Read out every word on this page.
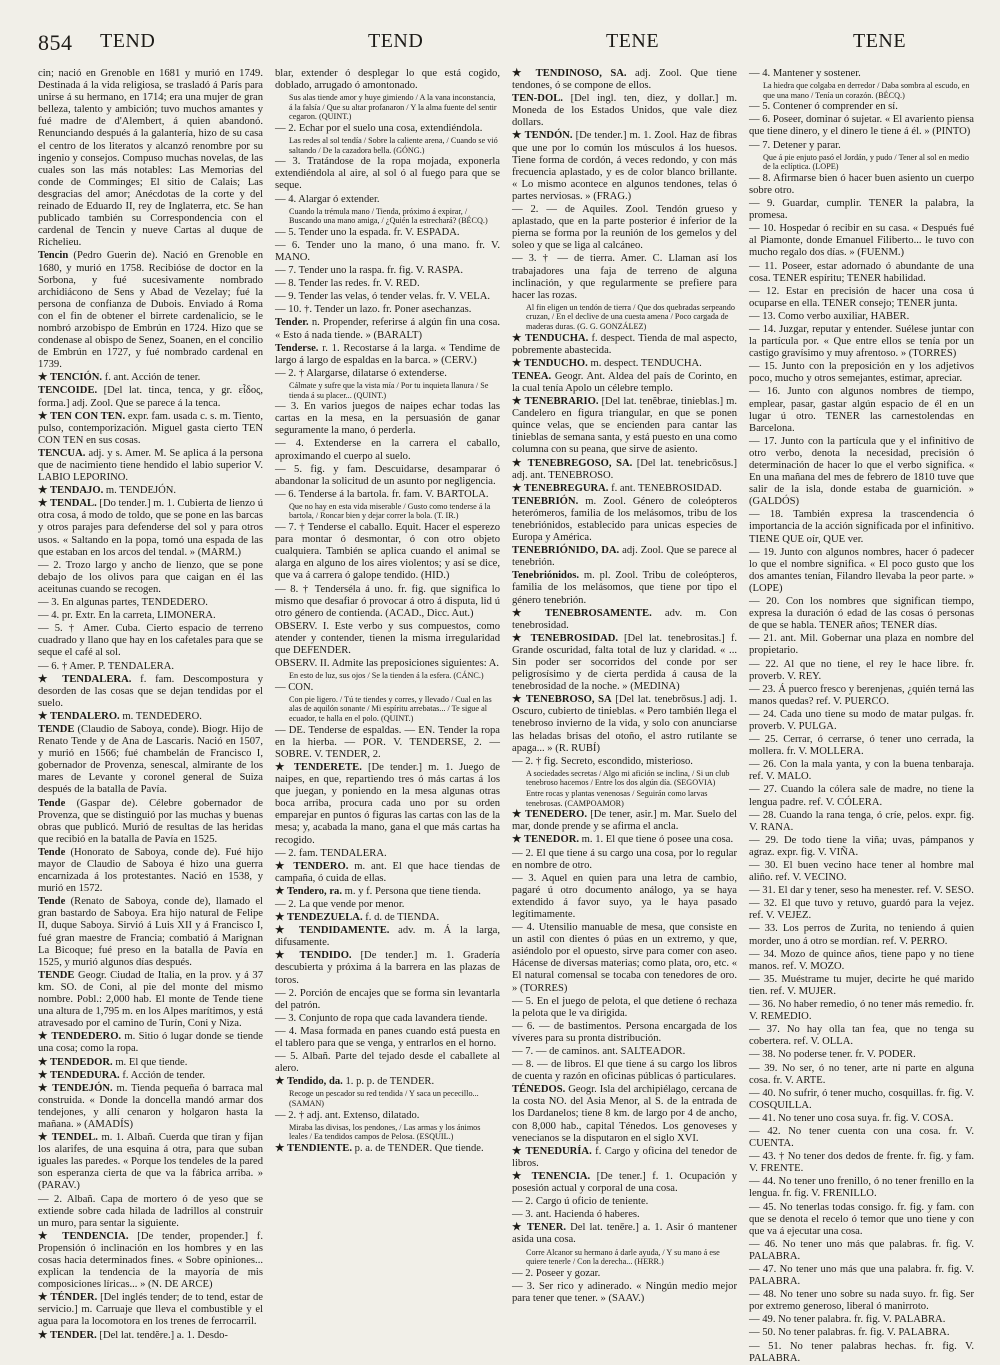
854 TEND	TEND	TENE	TENE

cin; nació en Grenoble en 1681 y murió en 1749. Destinada á la vida religiosa, se trasladó á París para unirse á su hermano, en 1714; era una mujer de gran belleza, talento y ambición; tuvo muchos amantes y fué madre de d'Alembert, á quien abandonó. Renunciando después á la galantería, hizo de su casa el centro de los literatos y alcanzó renombre por su ingenio y consejos. Compuso muchas novelas, de las cuales son las más notables: Las Memorias del conde de Comminges; El sitio de Calais; Las desgracias del amor; Anécdotas de la corte y del reinado de Eduardo II, rey de Inglaterra, etc. Se han publicado también su Correspondencia con el cardenal de Tencin y nueve Cartas al duque de Richelieu.

Tencin (Pedro Guerin de). Nació en Grenoble en 1680, y murió en 1758. Recibióse de doctor en la Sorbona, y fué sucesivamente nombrado archidiácono de Sens y Abad de Vezelay; fué la persona de confianza de Dubois. Enviado á Roma con el fin de obtener el birrete cardenalicio, se le nombró arzobispo de Embrún en 1724. Hizo que se condenase al obispo de Senez, Soanen, en el concilio de Embrún en 1727, y fué nombrado cardenal en 1739.

★ TENCIÓN. f. ant. Acción de tener.

TENCOIDE. [Del lat. tinca, tenca, y gr. εἶδος, forma.] adj. Zool. Que se parece á la tenca.

★ TEN CON TEN. expr. fam. usada c. s. m. Tiento, pulso, contemporización. Miguel gasta cierto TEN CON TEN en sus cosas.

TENCUA. adj. y s. Amer. M. Se aplica á la persona que de nacimiento tiene hendido el labio superior V. LABIO LEPORINO.

★ TENDAJO. m. TENDEJÓN.

★ TENDAL. [Do tender.] m. 1. Cubierta de lienzo ú otra cosa, á modo de toldo, que se pone en las barcas y otros parajes para defenderse del sol y para otros usos. « Saltando en la popa, tomó una espada de las que estaban en los arcos del tendal. » (MARM.)

— 2. Trozo largo y ancho de lienzo, que se pone debajo de los olivos para que caigan en él las aceitunas cuando se recogen.

— 3. En algunas partes, TENDEDERO.

— 4. pr. Extr. En la carreta, LIMONERA.

— 5. † Amer. Cuba. Cierto espacio de terreno cuadrado y llano que hay en los cafetales para que se seque el café al sol.

— 6. † Amer. P. TENDALERA.

★ TENDALERA. f. fam. Descompostura y desorden de las cosas que se dejan tendidas por el suelo.

★ TENDALERO. m. TENDEDERO.

TENDE (Claudio de Saboya, conde). Biogr. Hijo de Renato Tende y de Ana de Lascaris. Nació en 1507, y murió en 1566; fué chambelán de Francisco I, gobernador de Provenza, senescal, almirante de los mares de Levante y coronel general de Suiza después de la batalla de Pavía.

Tende (Gaspar de). Célebre gobernador de Provenza, que se distinguió por las muchas y buenas obras que publicó. Murió de resultas de las heridas que recibió en la batalla de Pavía en 1525.

Tende (Honorato de Saboya, conde de). Fué hijo mayor de Claudio de Saboya é hizo una guerra encarnizada á los protestantes. Nació en 1538, y murió en 1572.

Tende (Renato de Saboya, conde de), llamado el gran bastardo de Saboya. Era hijo natural de Felipe II, duque Saboya. Sirvió á Luis XII y á Francisco I, fué gran maestre de Francia; combatió á Marignan La Bicoque; fué preso en la batalla de Pavía en 1525, y murió algunos días después.

TENDE Geogr. Ciudad de Italia, en la prov. y á 37 km. SO. de Coni, al pie del monte del mismo nombre. Pobl.: 2,000 hab. El monte de Tende tiene una altura de 1,795 m. en los Alpes marítimos, y está atravesado por el camino de Turín, Coni y Niza.

★ TENDEDERO. m. Sitio ó lugar donde se tiende una cosa; como la ropa.

★ TENDEDOR. m. El que tiende.

★ TENDEDURA. f. Acción de tender.

★ TENDEJÓN. m. Tienda pequeña ó barraca mal construida. « Donde la doncella mandó armar dos tendejones, y allí cenaron y holgaron hasta la mañana. » (AMADÍS)

★ TENDEL. m. 1. Albañ. Cuerda que tiran y fijan los alarifes, de una esquina á otra, para que suban iguales las paredes. « Porque los tendeles de la pared son esperanza cierta de que va la fábrica arriba. » (PARAV.)

— 2. Albañ. Capa de mortero ó de yeso que se extiende sobre cada hilada de ladrillos al construir un muro, para sentar la siguiente.

★ TENDENCIA. [De tender, propender.] f. Propensión ó inclinación en los hombres y en las cosas hacia determinados fines. « Sobre opiniones... explican la tendencia de la mayoría de mis composiciones líricas... » (N. DE ARCE)

★ TÉNDER. [Del inglés tender; de to tend, estar de servicio.] m. Carruaje que lleva el combustible y el agua para la locomotora en los trenes de ferrocarril.

★ TENDER. [Del lat. tendĕre.] a. 1. Desdo-

blar, extender ó desplegar lo que está cogido, doblado, arrugado ó amontonado.

Sus alas tiende amor y huye gimiendo / A la vana inconstancia, á la falsía / Que su altar profanaron / Y la alma fuente del sentir cegaron. (QUINT.)

— 2. Echar por el suelo una cosa, extendiéndola.

Las redes al sol tendía / Sobre la caliente arena, / Cuando se vió saltando / De la cazadora bella. (GÓNG.)

— 3. Tratándose de la ropa mojada, exponerla extendiéndola al aire, al sol ó al fuego para que se seque.

— 4. Alargar ó extender.

Cuando la trémula mano / Tienda, próximo á expirar, / Buscando una mano amiga, / ¿Quién la estrechará? (BÉCQ.)

— 5. Tender uno la espada. fr. V. ESPADA.

— 6. Tender uno la mano, ó una mano. fr. V. MANO.

— 7. Tender uno la raspa. fr. fig. V. RASPA.

— 8. Tender las redes. fr. V. RED.

— 9. Tender las velas, ó tender velas. fr. V. VELA.

— 10. †. Tender un lazo. fr. Poner asechanzas.

Tender. n. Propender, referirse á algún fin una cosa. « Esto á nada tiende. » (BARALT)

Tenderse. r. 1. Recostarse á la larga. « Tendime de largo á largo de espaldas en la barca. » (CERV.)

— 2. † Alargarse, dilatarse ó extenderse.

Cálmate y sufre que la vista mía / Por tu inquieta llanura / Se tienda á su placer... (QUINT.)

— 3. En varios juegos de naipes echar todas las cartas en la mesa, en la persuasión de ganar seguramente la mano, ó perderla.

— 4. Extenderse en la carrera el caballo, aproximando el cuerpo al suelo.

— 5. fig. y fam. Descuidarse, desamparar ó abandonar la solicitud de un asunto por negligencia.

— 6. Tenderse á la bartola. fr. fam. V. BARTOLA.

Que no hay en esta vida miserable / Gusto como tenderse á la bartola, / Roncar bien y dejar correr la bola. (T. IR.)

— 7. † Tenderse el caballo. Equit. Hacer el esperezo para montar ó desmontar, ó con otro objeto cualquiera. También se aplica cuando el animal se alarga en alguno de los aires violentos; y así se dice, que va á carrera ó galope tendido. (HID.)

— 8. † Tenderséla á uno. fr. fig. que significa lo mismo que desafiar ó provocar á otro á disputa, lid ú otro género de contienda. (ACAD., Dicc. Aut.)

OBSERV. I. Este verbo y sus compuestos, como atender y contender, tienen la misma irregularidad que DEFENDER.

OBSERV. II. Admite las preposiciones siguientes: A.

En esto de luz, sus ojos / Se la tienden á la esfera. (CÁNC.)

— CON.

Con pie ligero. / Tú te tiendes y corres, y llevado / Cual en las alas de aquilón sonante / Mi espíritu arrebatas... / Te sigue al ecuador, te halla en el polo. (QUINT.)

— DE. Tenderse de espaldas. — EN. Tender la ropa en la hierba. — POR. V. TENDERSE, 2. — SOBRE. V. TENDER, 2.

★ TENDERETE. [De tender.] m. 1. Juego de naipes, en que, repartiendo tres ó más cartas á los que juegan, y poniendo en la mesa algunas otras boca arriba, procura cada uno por su orden emparejar en puntos ó figuras las cartas con las de la mesa; y, acabada la mano, gana el que más cartas ha recogido.

— 2. fam. TENDALERA.

★ TENDERO. m. ant. El que hace tiendas de campaña, ó cuida de ellas.

★ Tendero, ra. m. y f. Persona que tiene tienda.

— 2. La que vende por menor.

★ TENDEZUELA. f. d. de TIENDA.

★ TENDIDAMENTE. adv. m. Á la larga, difusamente.

★ TENDIDO. [De tender.] m. 1. Gradería descubierta y próxima á la barrera en las plazas de toros.

— 2. Porción de encajes que se forma sin levantarla del patrón.

— 3. Conjunto de ropa que cada lavandera tiende.

— 4. Masa formada en panes cuando está puesta en el tablero para que se venga, y entrarlos en el horno.

— 5. Albañ. Parte del tejado desde el caballete al alero.

★ Tendido, da. 1. p. p. de TENDER.

Recoge un pescador su red tendida / Y saca un pececillo... (SAMAN)

— 2. † adj. ant. Extenso, dilatado.

Miraba las divisas, los pendones, / Las armas y los ánimos leales / Ea tendidos campos de Pelosa. (ESQUIL.)

★ TENDIENTE. p. a. de TENDER. Que tiende.

★ TENDINOSO, SA. adj. Zool. Que tiene tendones, ó se compone de ellos.

TEN-DOL. [Del ingl. ten, diez, y dollar.] m. Moneda de los Estados Unidos, que vale diez dollars.

★ TENDÓN. [De tender.] m. 1. Zool. Haz de fibras que une por lo común los músculos á los huesos. Tiene forma de cordón, á veces redondo, y con más frecuencia aplastado, y es de color blanco brillante. « Lo mismo acontece en algunos tendones, telas ó partes nerviosas. » (FRAG.)

— 2. — de Aquiles. Zool. Tendón grueso y aplastado, que en la parte posterior é inferior de la pierna se forma por la reunión de los gemelos y del soleo y que se liga al calcáneo.

— 3. † — de tierra. Amer. C. Llaman así los trabajadores una faja de terreno de alguna inclinación, y que regularmente se prefiere para hacer las rozas.

Al fin eligen un tendón de tierra / Que dos quebradas serpeando cruzan, / En el declive de una cuesta amena / Poco cargada de maderas duras. (G. G. GONZÁLEZ)

★ TENDUCHA. f. despect. Tienda de mal aspecto, pobremente abastecida.

★ TENDUCHO. m. despect. TENDUCHA.

TENEA. Geogr. Ant. Aldea del país de Corinto, en la cual tenía Apolo un célebre templo.

★ TENEBRARIO. [Del lat. tenĕbrae, tinieblas.] m. Candelero en figura triangular, en que se ponen quince velas, que se encienden para cantar las tinieblas de semana santa, y está puesto en una como columna con su peana, que sirve de asiento.

★ TENEBREGOSO, SA. [Del lat. tenebricōsus.] adj. ant. TENEBROSO.

★ TENEBREGURA. f. ant. TENEBROSIDAD.

TENEBRIÓN. m. Zool. Género de coleópteros heterómeros, familia de los melásomos, tribu de los tenebriónidos, establecido para unicas especies de Europa y América.

TENEBRIÓNIDO, DA. adj. Zool. Que se parece al tenebrión.

Tenebriónidos. m. pl. Zool. Tribu de coleópteros, familia de los melásomos, que tiene por tipo el género tenebrión.

★ TENEBROSAMENTE. adv. m. Con tenebrosidad.

★ TENEBROSIDAD. [Del lat. tenebrositas.] f. Grande oscuridad, falta total de luz y claridad. « ... Sin poder ser socorridos del conde por ser peligrosísimo y de cierta perdida á causa de la tenebrosidad de la noche. » (MEDINA)

★ TENEBROSO, SA [Del lat. tenebrōsus.] adj. 1. Oscuro, cubierto de tinieblas. « Pero también llega el tenebroso invierno de la vida, y solo con anunciarse las heladas brisas del otoño, el astro rutilante se apaga... » (R. RUBÍ)

— 2. † fig. Secreto, escondido, misterioso.

A sociedades secretas / Algo mi afición se inclina, / Si un club tenebroso hacemos / Entre los dos algún día. (SEGOVIA)

Entre rocas y plantas venenosas / Seguirán como larvas tenebrosas. (CAMPOAMOR)

★ TENEDERO. [De tener, asir.] m. Mar. Suelo del mar, donde prende y se afirma el ancla.

★ TENEDOR. m. 1. El que tiene ó posee una cosa.

— 2. El que tiene á su cargo una cosa, por lo regular en nombre de otro.

— 3. Aquel en quien para una letra de cambio, pagaré ú otro documento análogo, ya se haya extendido á favor suyo, ya le haya pasado legítimamente.

— 4. Utensilio manuable de mesa, que consiste en un astil con dientes ó púas en un extremo, y que, asiéndolo por el opuesto, sirve para comer con aseo. Hácense de diversas materias; como plata, oro, etc. « El natural comensal se tocaba con tenedores de oro. » (TORRES)

— 5. En el juego de pelota, el que detiene ó rechaza la pelota que le va dirigida.

— 6. — de bastimentos. Persona encargada de los víveres para su pronta distribución.

— 7. — de caminos. ant. SALTEADOR.

— 8. — de libros. El que tiene á su cargo los libros de cuenta y razón en oficinas públicas ó particulares.

TÉNEDOS. Geogr. Isla del archipiélago, cercana de la costa NO. del Asia Menor, al S. de la entrada de los Dardanelos; tiene 8 km. de largo por 4 de ancho, con 8,000 hab., capital Ténedos. Los genoveses y venecianos se la disputaron en el siglo XVI.

★ TENEDURÍA. f. Cargo y oficina del tenedor de libros.

★ TENENCIA. [De tener.] f. 1. Ocupación y posesión actual y corporal de una cosa.

— 2. Cargo ú oficio de teniente.

— 3. ant. Hacienda ó haberes.

★ TENER. Del lat. tenēre.] a. 1. Asir ó mantener asida una cosa.

Corre Alcanor su hermano á darle ayuda, / Y su mano á ese quiere tenerle / Con la derecha... (HERR.)

— 2. Poseer y gozar.

— 3. Ser rico y adinerado. « Ningún medio mejor para tener que tener. » (SAAV.)

— 4. Mantener y sostener.

La hiedra que colgaba en derredor / Daba sombra al escudo, en que una mano / Tenía un corazón. (BÉCQ.)

— 5. Contener ó comprender en sí.

— 6. Poseer, dominar ó sujetar. « El avariento piensa que tiene dinero, y el dinero le tiene á él. » (PINTO)

— 7. Detener y parar.

Que á pie enjuto pasó el Jordán, y pudo / Tener al sol en medio de la eclíptica. (LOPE)

— 8. Afirmarse bien ó hacer buen asiento un cuerpo sobre otro.

— 9. Guardar, cumplir. TENER la palabra, la promesa.

— 10. Hospedar ó recibir en su casa. « Después fué al Piamonte, donde Emanuel Filiberto... le tuvo con mucho regalo dos días. » (FUENM.)

— 11. Poseer, estar adornado ó abundante de una cosa. TENER espíritu; TENER habilidad.

— 12. Estar en precisión de hacer una cosa ú ocuparse en ella. TENER consejo; TENER junta.

— 13. Como verbo auxiliar, HABER.

— 14. Juzgar, reputar y entender. Suélese juntar con la partícula por. « Que entre ellos se tenía por un castigo gravísimo y muy afrentoso. » (TORRES)

— 15. Junto con la preposición en y los adjetivos poco, mucho y otros semejantes, estimar, apreciar.

— 16. Junto con algunos nombres de tiempo, emplear, pasar, gastar algún espacio de él en un lugar ú otro. TENER las carnestolendas en Barcelona.

— 17. Junto con la partícula que y el infinitivo de otro verbo, denota la necesidad, precisión ó determinación de hacer lo que el verbo significa. « En una mañana del mes de febrero de 1810 tuve que salir de la isla, donde estaba de guarnición. » (GALDÓS)

— 18. También expresa la trascendencia ó importancia de la acción significada por el infinitivo. TIENE QUE oír, QUE ver.

— 19. Junto con algunos nombres, hacer ó padecer lo que el nombre significa. « El poco gusto que los dos amantes tenían, Filandro llevaba la peor parte. » (LOPE)

— 20. Con los nombres que significan tiempo, expresa la duración ó edad de las cosas ó personas de que se habla. TENER años; TENER días.

— 21. ant. Mil. Gobernar una plaza en nombre del propietario.

— 22. Al que no tiene, el rey le hace libre. fr. proverb. V. REY.

— 23. Á puerco fresco y berenjenas, ¿quién terná las manos quedas? ref. V. PUERCO.

— 24. Cada uno tiene su modo de matar pulgas. fr. proverb. V. PULGA.

— 25. Cerrar, ó cerrarse, ó tener uno cerrada, la mollera. fr. V. MOLLERA.

— 26. Con la mala yanta, y con la buena tenbaraja. ref. V. MALO.

— 27. Cuando la cólera sale de madre, no tiene la lengua padre. ref. V. CÓLERA.

— 28. Cuando la rana tenga, ó críe, pelos. expr. fig. V. RANA.

— 29. De todo tiene la viña; uvas, pámpanos y agraz. expr. fig. V. VIÑA.

— 30. El buen vecino hace tener al hombre mal aliño. ref. V. VECINO.

— 31. El dar y tener, seso ha menester. ref. V. SESO.

— 32. El que tuvo y retuvo, guardó para la vejez. ref. V. VEJEZ.

— 33. Los perros de Zurita, no teniendo á quien morder, uno á otro se mordían. ref. V. PERRO.

— 34. Mozo de quince años, tiene papo y no tiene manos. ref. V. MOZO.

— 35. Muéstrame tu mujer, decirte he qué marido tien. ref. V. MUJER.

— 36. No haber remedio, ó no tener más remedio. fr. V. REMEDIO.

— 37. No hay olla tan fea, que no tenga su cobertera. ref. V. OLLA.

— 38. No poderse tener. fr. V. PODER.

— 39. No ser, ó no tener, arte ni parte en alguna cosa. fr. V. ARTE.

— 40. No sufrir, ó tener mucho, cosquillas. fr. fig. V. COSQUILLA.

— 41. No tener uno cosa suya. fr. fig. V. COSA.

— 42. No tener cuenta con una cosa. fr. V. CUENTA.

— 43. † No tener dos dedos de frente. fr. fig. y fam. V. FRENTE.

— 44. No tener uno frenillo, ó no tener frenillo en la lengua. fr. fig. V. FRENILLO.

— 45. No tenerlas todas consigo. fr. fig. y fam. con que se denota el recelo ó temor que uno tiene y con que va á ejecutar una cosa.

— 46. No tener uno más que palabras. fr. fig. V. PALABRA.

— 47. No tener uno más que una palabra. fr. fig. V. PALABRA.

— 48. No tener uno sobre su nada suyo. fr. fig. Ser por extremo generoso, liberal ó manirroto.

— 49. No tener palabra. fr. fig. V. PALABRA.

— 50. No tener palabras. fr. fig. V. PALABRA.

— 51. No tener palabras hechas. fr. fig. V. PALABRA.
